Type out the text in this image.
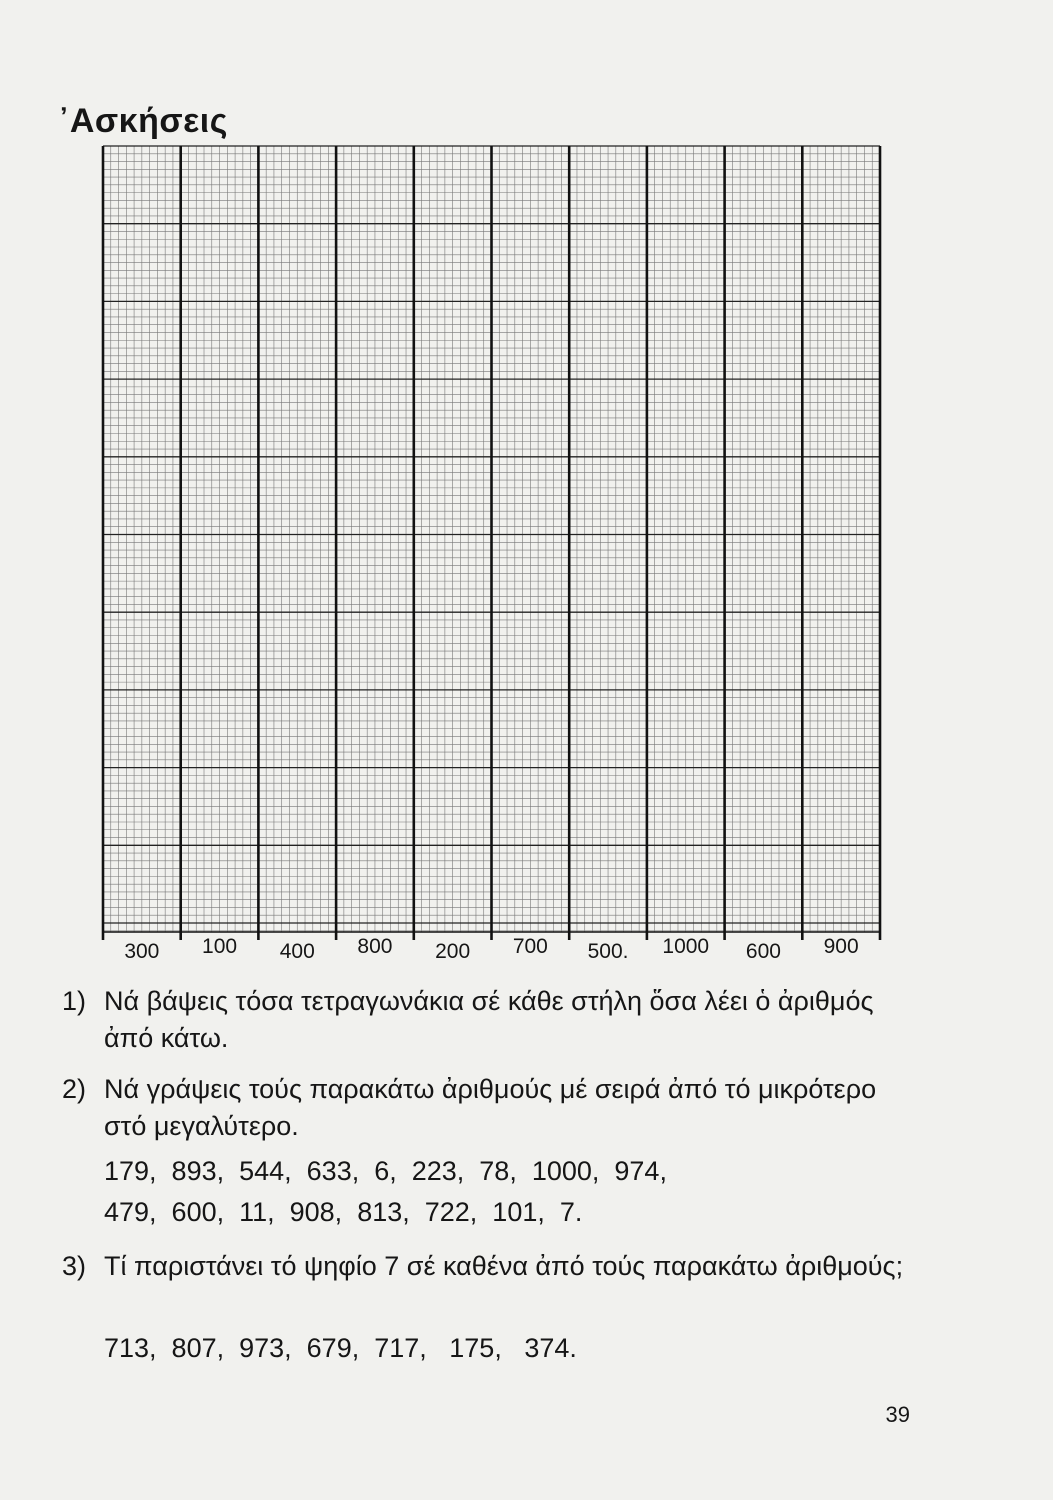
᾿Ασκήσεις
300	100	400	800	200	700	500.	1000	600	900
1) Νά βάψεις τόσα τετραγωνάκια σέ κάθε στήλη ὅσα λέει ὁ ἀριθμός ἀπό κάτω.
2) Νά γράψεις τούς παρακάτω ἀριθμούς μέ σειρά ἀπό τό μικρότερο στό μεγαλύτερο.
179,  893,  544,  633,  6,  223,  78,  1000,  974,
479,  600,  11,  908,  813,  722,  101,  7.
3) Τί παριστάνει τό ψηφίο 7 σέ καθένα ἀπό τούς παρακάτω ἀριθμούς;
713,  807,  973,  679,  717,   175,   374.
39
